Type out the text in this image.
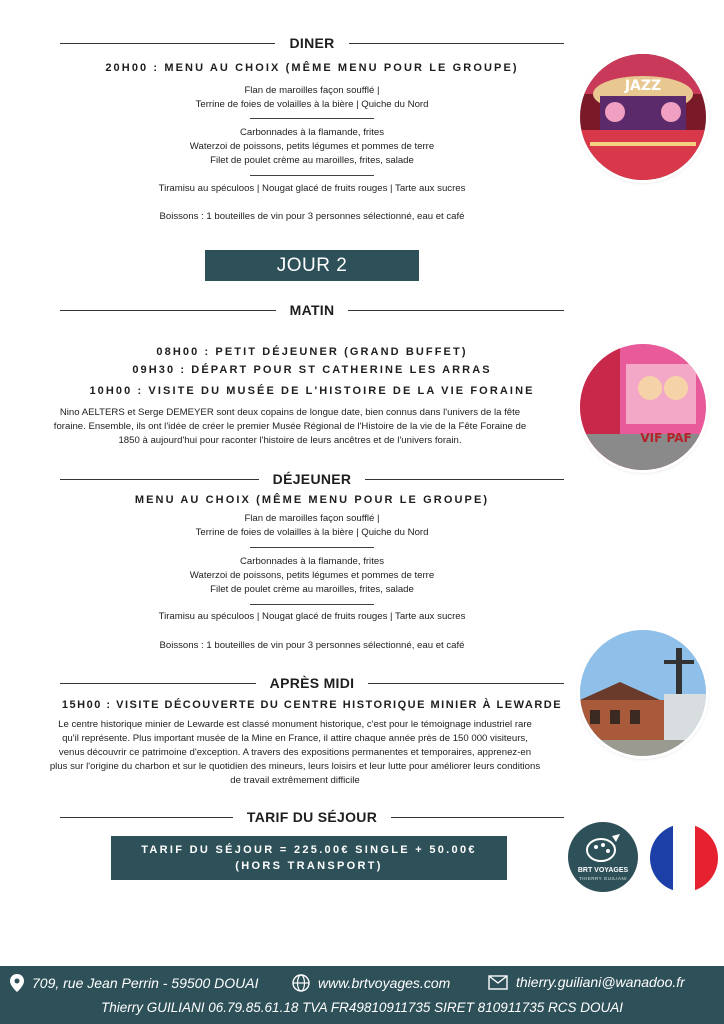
DINER
20H00 : MENU AU CHOIX (MÊME MENU POUR LE GROUPE)
Flan de maroilles façon soufflé |
Terrine de foies de volailles à la bière | Quiche du Nord
Carbonnades à la flamande, frites
Waterzoi de poissons, petits légumes et pommes de terre
Filet de poulet crème au maroilles, frites, salade
Tiramisu au spéculoos | Nougat glacé de fruits rouges | Tarte aux sucres
Boissons : 1 bouteilles de vin pour 3 personnes sélectionné, eau et café
JAZZ
JOUR 2
MATIN
08H00 : PETIT DÉJEUNER (GRAND BUFFET)
09H30 : DÉPART POUR ST CATHERINE LES ARRAS
10H00 : VISITE DU MUSÉE DE L'HISTOIRE DE LA VIE FORAINE
Nino AELTERS et Serge DEMEYER sont deux copains de longue date, bien connus dans l'univers de la fête
foraine. Ensemble, ils ont l'idée de créer le premier Musée Régional de l'Histoire de la vie de la Fête Foraine de
1850 à aujourd'hui pour raconter l'histoire de leurs ancêtres et de l'univers forain.	VIF PAF
DÉJEUNER
MENU AU CHOIX (MÊME MENU POUR LE GROUPE)
Flan de maroilles façon soufflé |
Terrine de foies de volailles à la bière | Quiche du Nord
Carbonnades à la flamande, frites
Waterzoi de poissons, petits légumes et pommes de terre
Filet de poulet crème au maroilles, frites, salade
Tiramisu au spéculoos | Nougat glacé de fruits rouges | Tarte aux sucres
Boissons : 1 bouteilles de vin pour 3 personnes sélectionné, eau et café
APRÈS MIDI
15H00 : VISITE DÉCOUVERTE DU CENTRE HISTORIQUE MINIER À LEWARDE
Le centre historique minier de Lewarde est classé monument historique, c'est pour le témoignage industriel rare
qu'il représente. Plus important musée de la Mine en France, il attire chaque année près de 150 000 visiteurs,
venus découvrir ce patrimoine d'exception. A travers des expositions permanentes et temporaires, apprenez-en
plus sur l'origine du charbon et sur le quotidien des mineurs, leurs loisirs et leur lutte pour améliorer leurs conditions
de travail extrêmement difficile
TARIF DU SÉJOUR
TARIF DU SÉJOUR = 225.00€ SINGLE + 50.00€
(HORS TRANSPORT)	BRT VOYAGES
THIERRY GUILIANI
709, rue Jean Perrin - 59500 DOUAI	www.brtvoyages.com	thierry.guiliani@wanadoo.fr
Thierry GUILIANI 06.79.85.61.18 TVA FR49810911735 SIRET 810911735 RCS DOUAI
